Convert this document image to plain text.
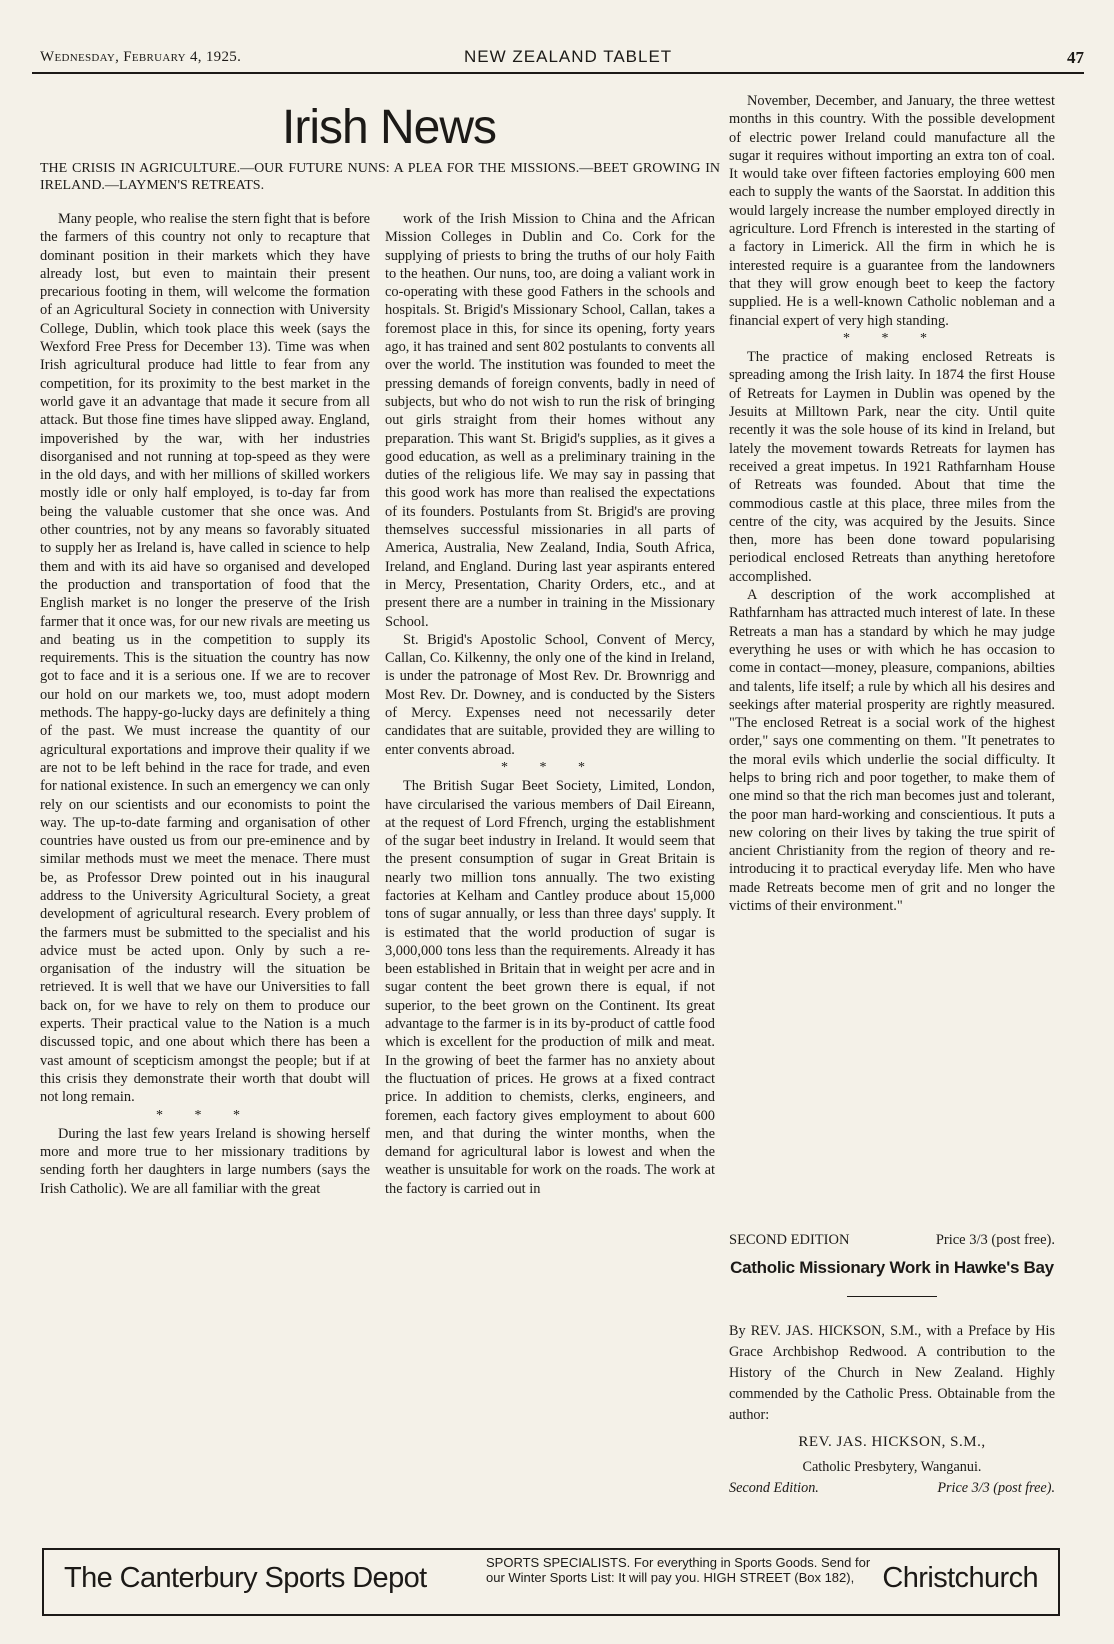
Wednesday, February 4, 1925.	NEW ZEALAND TABLET	47
Irish News
THE CRISIS IN AGRICULTURE.—OUR FUTURE NUNS: A PLEA FOR THE MISSIONS.—BEET GROWING IN IRELAND.—LAYMEN'S RETREATS.

Many people, who realise the stern fight that is before the farmers of this country not only to recapture that dominant position in their markets which they have already lost, but even to maintain their present precarious footing in them, will welcome the formation of an Agricultural Society in connection with University College, Dublin, which took place this week (says the Wexford Free Press for December 13). Time was when Irish agricultural produce had little to fear from any competition, for its proximity to the best market in the world gave it an advantage that made it secure from all attack. But those fine times have slipped away. England, impoverished by the war, with her industries disorganised and not running at top-speed as they were in the old days, and with her millions of skilled workers mostly idle or only half employed, is to-day far from being the valuable customer that she once was. And other countries, not by any means so favorably situated to supply her as Ireland is, have called in science to help them and with its aid have so organised and developed the production and transportation of food that the English market is no longer the preserve of the Irish farmer that it once was, for our new rivals are meeting us and beating us in the competition to supply its requirements. This is the situation the country has now got to face and it is a serious one. If we are to recover our hold on our markets we, too, must adopt modern methods. The happy-go-lucky days are definitely a thing of the past. We must increase the quantity of our agricultural exportations and improve their quality if we are not to be left behind in the race for trade, and even for national existence. In such an emergency we can only rely on our scientists and our economists to point the way. The up-to-date farming and organisation of other countries have ousted us from our pre-eminence and by similar methods must we meet the menace. There must be, as Professor Drew pointed out in his inaugural address to the University Agricultural Society, a great development of agricultural research. Every problem of the farmers must be submitted to the specialist and his advice must be acted upon. Only by such a re-organisation of the industry will the situation be retrieved. It is well that we have our Universities to fall back on, for we have to rely on them to produce our experts. Their practical value to the Nation is a much discussed topic, and one about which there has been a vast amount of scepticism amongst the people; but if at this crisis they demonstrate their worth that doubt will not long remain.

* * *

During the last few years Ireland is showing herself more and more true to her missionary traditions by sending forth her daughters in large numbers (says the Irish Catholic). We are all familiar with the great

work of the Irish Mission to China and the African Mission Colleges in Dublin and Co. Cork for the supplying of priests to bring the truths of our holy Faith to the heathen. Our nuns, too, are doing a valiant work in co-operating with these good Fathers in the schools and hospitals. St. Brigid's Missionary School, Callan, takes a foremost place in this, for since its opening, forty years ago, it has trained and sent 802 postulants to convents all over the world. The institution was founded to meet the pressing demands of foreign convents, badly in need of subjects, but who do not wish to run the risk of bringing out girls straight from their homes without any preparation. This want St. Brigid's supplies, as it gives a good education, as well as a preliminary training in the duties of the religious life. We may say in passing that this good work has more than realised the expectations of its founders. Postulants from St. Brigid's are proving themselves successful missionaries in all parts of America, Australia, New Zealand, India, South Africa, Ireland, and England. During last year aspirants entered in Mercy, Presentation, Charity Orders, etc., and at present there are a number in training in the Missionary School.

St. Brigid's Apostolic School, Convent of Mercy, Callan, Co. Kilkenny, the only one of the kind in Ireland, is under the patronage of Most Rev. Dr. Brownrigg and Most Rev. Dr. Downey, and is conducted by the Sisters of Mercy. Expenses need not necessarily deter candidates that are suitable, provided they are willing to enter convents abroad.

* * *

The British Sugar Beet Society, Limited, London, have circularised the various members of Dail Eireann, at the request of Lord Ffrench, urging the establishment of the sugar beet industry in Ireland. It would seem that the present consumption of sugar in Great Britain is nearly two million tons annually. The two existing factories at Kelham and Cantley produce about 15,000 tons of sugar annually, or less than three days' supply. It is estimated that the world production of sugar is 3,000,000 tons less than the requirements. Already it has been established in Britain that in weight per acre and in sugar content the beet grown there is equal, if not superior, to the beet grown on the Continent. Its great advantage to the farmer is in its by-product of cattle food which is excellent for the production of milk and meat. In the growing of beet the farmer has no anxiety about the fluctuation of prices. He grows at a fixed contract price. In addition to chemists, clerks, engineers, and foremen, each factory gives employment to about 600 men, and that during the winter months, when the demand for agricultural labor is lowest and when the weather is unsuitable for work on the roads. The work at the factory is carried out in

November, December, and January, the three wettest months in this country. With the possible development of electric power Ireland could manufacture all the sugar it requires without importing an extra ton of coal. It would take over fifteen factories employing 600 men each to supply the wants of the Saorstat. In addition this would largely increase the number employed directly in agriculture. Lord Ffrench is interested in the starting of a factory in Limerick. All the firm in which he is interested require is a guarantee from the landowners that they will grow enough beet to keep the factory supplied. He is a well-known Catholic nobleman and a financial expert of very high standing.

* * *

The practice of making enclosed Retreats is spreading among the Irish laity. In 1874 the first House of Retreats for Laymen in Dublin was opened by the Jesuits at Milltown Park, near the city. Until quite recently it was the sole house of its kind in Ireland, but lately the movement towards Retreats for laymen has received a great impetus. In 1921 Rathfarnham House of Retreats was founded. About that time the commodious castle at this place, three miles from the centre of the city, was acquired by the Jesuits. Since then, more has been done toward popularising periodical enclosed Retreats than anything heretofore accomplished.

A description of the work accomplished at Rathfarnham has attracted much interest of late. In these Retreats a man has a standard by which he may judge everything he uses or with which he has occasion to come in contact—money, pleasure, companions, abilties and talents, life itself; a rule by which all his desires and seekings after material prosperity are rightly measured. "The enclosed Retreat is a social work of the highest order," says one commenting on them. "It penetrates to the moral evils which underlie the social difficulty. It helps to bring rich and poor together, to make them of one mind so that the rich man becomes just and tolerant, the poor man hard-working and conscientious. It puts a new coloring on their lives by taking the true spirit of ancient Christianity from the region of theory and re-introducing it to practical everyday life. Men who have made Retreats become men of grit and no longer the victims of their environment."

SECOND EDITION	Price 3/3 (post free).
Catholic Missionary Work in Hawke's Bay
By REV. JAS. HICKSON, S.M., with a Preface by His Grace Archbishop Redwood. A contribution to the History of the Church in New Zealand. Highly commended by the Catholic Press. Obtainable from the author:
REV. JAS. HICKSON, S.M.,
Catholic Presbytery, Wanganui.
Second Edition.	Price 3/3 (post free).
The Canterbury Sports Depot	SPORTS SPECIALISTS. For everything in Sports Goods. Send for our Winter Sports List: It will pay you. HIGH STREET (Box 182), Christchurch
